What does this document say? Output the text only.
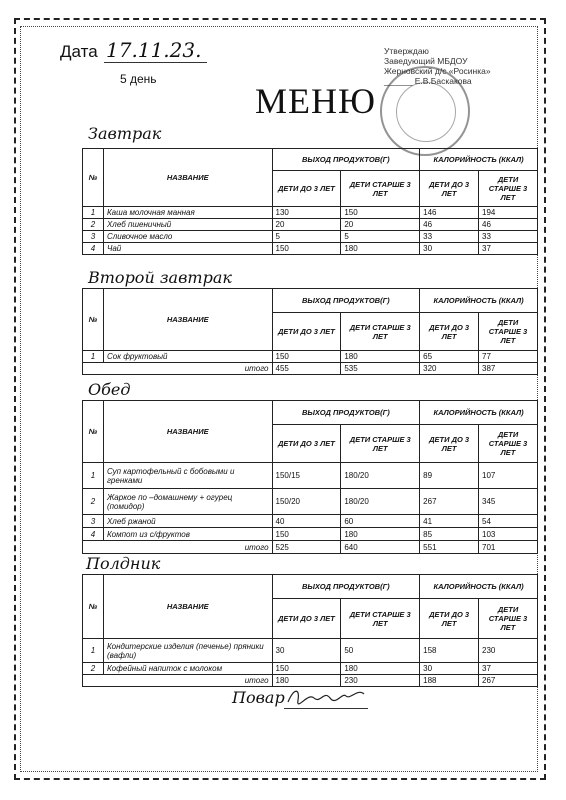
Дата 17.11.23.
5 день
МЕНЮ
Утверждаю
Заведующий МБДОУ
Жерновский д/с «Росинка»
______ Е.В.Баскакова
Завтрак
№	НАЗВАНИЕ	ВЫХОД ПРОДУКТОВ(Г)		КАЛОРИЙНОСТЬ (ККАЛ)	
		ДЕТИ ДО 3 ЛЕТ	ДЕТИ СТАРШЕ 3 ЛЕТ	ДЕТИ ДО 3 ЛЕТ	ДЕТИ СТАРШЕ 3 ЛЕТ
1	Каша молочная манная	130	150	146	194
2	Хлеб пшеничный	20	20	46	46
3	Сливочное масло	5	5	33	33
4	Чай	150	180	30	37
Второй завтрак
№	НАЗВАНИЕ	ВЫХОД ПРОДУКТОВ(Г)		КАЛОРИЙНОСТЬ (ККАЛ)	
		ДЕТИ ДО 3 ЛЕТ	ДЕТИ СТАРШЕ 3 ЛЕТ	ДЕТИ ДО 3 ЛЕТ	ДЕТИ СТАРШЕ 3 ЛЕТ
1	Сок фруктовый	150	180	65	77
итого		455	535	320	387
Обед
№	НАЗВАНИЕ	ВЫХОД ПРОДУКТОВ(Г)		КАЛОРИЙНОСТЬ (ККАЛ)	
		ДЕТИ ДО 3 ЛЕТ	ДЕТИ СТАРШЕ 3 ЛЕТ	ДЕТИ ДО 3 ЛЕТ	ДЕТИ СТАРШЕ 3 ЛЕТ
1	Суп картофельный с бобовыми и гренками	150/15	180/20	89	107
2	Жаркое по –домашнему + огурец (помидор)	150/20	180/20	267	345
3	Хлеб ржаной	40	60	41	54
4	Компот из с/фруктов	150	180	85	103
итого		525	640	551	701
Полдник
№	НАЗВАНИЕ	ВЫХОД ПРОДУКТОВ(Г)		КАЛОРИЙНОСТЬ (ККАЛ)	
		ДЕТИ ДО 3 ЛЕТ	ДЕТИ СТАРШЕ 3 ЛЕТ	ДЕТИ ДО 3 ЛЕТ	ДЕТИ СТАРШЕ 3 ЛЕТ
1	Кондитерские изделия (печенье) пряники (вафли)	30	50	158	230
2	Кофейный напиток с молоком	150	180	30	37
итого		180	230	188	267
Повар
